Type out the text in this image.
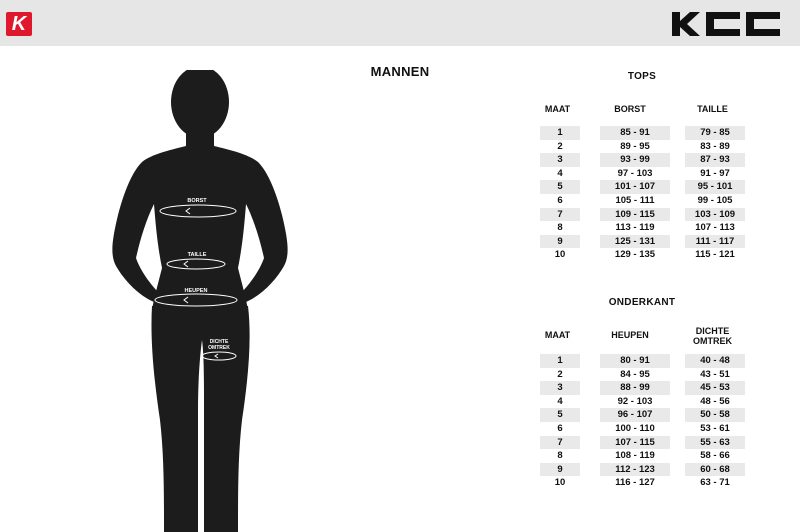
K
BORST
TAILLE
HEUPEN
DICHTE
OMTREK
MANNEN	TOPS
MAAT	BORST	TAILLE
1	85 - 91	79 - 85
2	89 - 95	83 - 89
3	93 - 99	87 - 93
4	97 - 103	91 - 97
5	101 - 107	95 - 101
6	105 - 111	99 - 105
7	109 - 115	103 - 109
8	113 - 119	107 - 113
9	125 - 131	111 - 117
10	129 - 135	115 - 121
ONDERKANT
MAAT	HEUPEN	DICHTE
OMTREK
1	80 - 91	40 - 48
2	84 - 95	43 - 51
3	88 - 99	45 - 53
4	92 - 103	48 - 56
5	96 - 107	50 - 58
6	100 - 110	53 - 61
7	107 - 115	55 - 63
8	108 - 119	58 - 66
9	112 - 123	60 - 68
10	116 - 127	63 - 71
